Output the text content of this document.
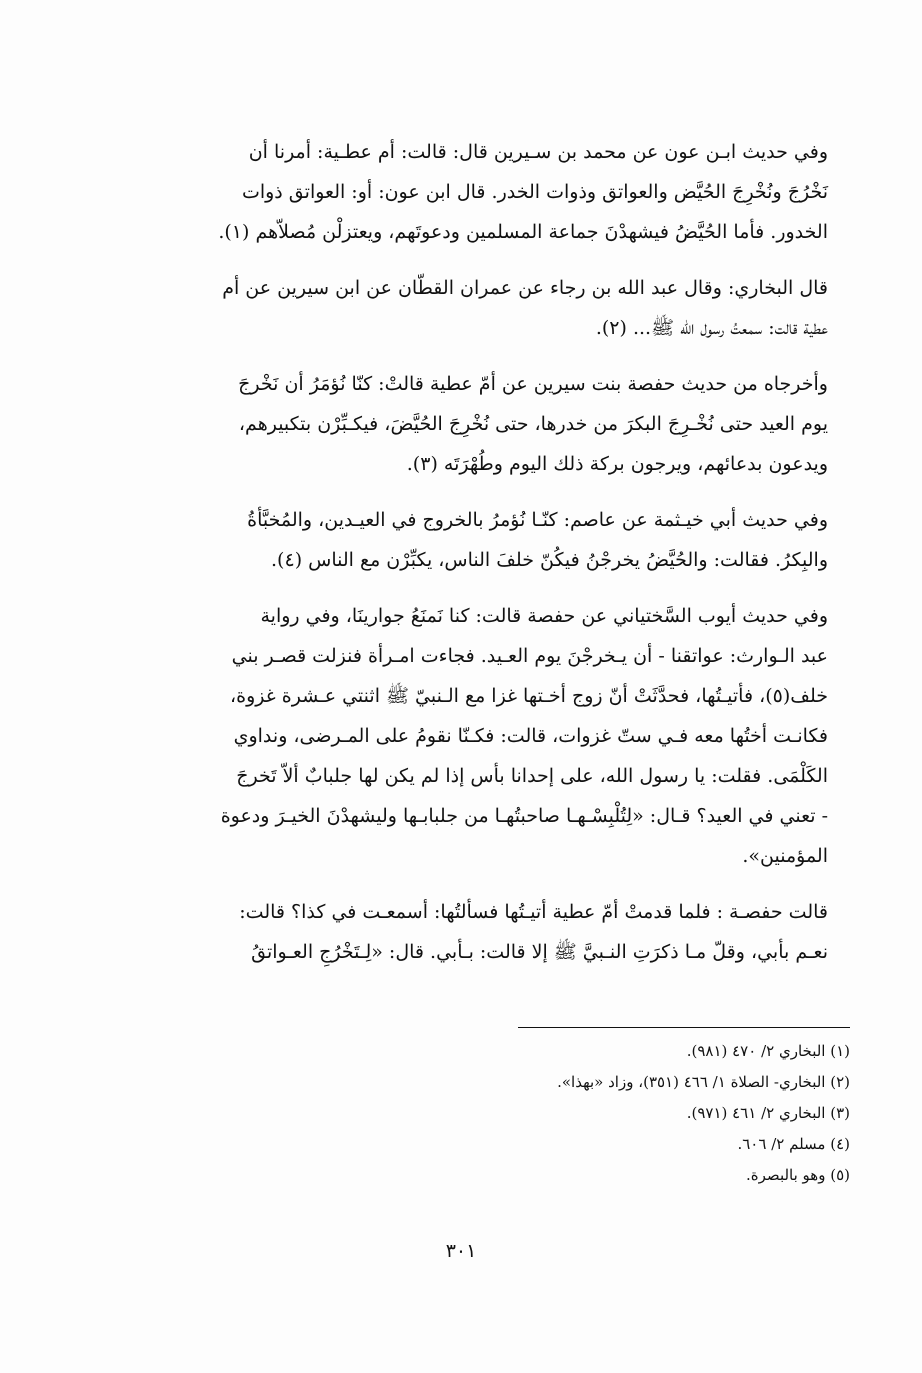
وفي حديث ابـن عون عن محمد بن سـيرين قال: قالت: أم عطـية: أمرنا أن
نَخْرُجَ ونُخْرِجَ الحُيَّض والعواتق وذوات الخدر. قال ابن عون: أو: العواتق ذوات
الخدور. فأما الحُيَّضُ فيشهدْنَ جماعة المسلمين ودعوتَهم، ويعتزلْن مُصلاّهم (١).

قال البخاري: وقال عبد الله بن رجاء عن عمران القطّان عن ابن سيرين عن أم
عطية قالت: سمعتُ رسول الله ﷺ... (٢).

وأخرجاه من حديث حفصة بنت سيرين عن أمّ عطية قالتْ: كنّا نُؤمَرُ أن نَخْرجَ
يوم العيد حتى نُخْـرِجَ البكرَ من خدرها، حتى نُخْرِجَ الحُيَّضَ، فيكـبِّرْن بتكبيرهم،
ويدعون بدعائهم، ويرجون بركة ذلك اليوم وطُهْرَتَه (٣).

وفي حديث أبي خيـثمة عن عاصم: كنّـا نُؤمرُ بالخروج في العيـدين، والمُخبَّأةُ
والبِكرُ. فقالت: والحُيَّضُ يخرجْنُ فيكُنّ خلفَ الناس، يكبِّرْن مع الناس (٤).

وفي حديث أيوب السَّختياني عن حفصة قالت: كنا نَمنَعُ جوارينَا، وفي رواية
عبد الـوارث: عواتقنا - أن يـخرجْنَ يوم العـيد. فجاءت امـرأة فنزلت قصـر بني
خلف(٥)، فأتيـتُها، فحدَّثَتْ أنّ زوج أخـتها غزا مع الـنبيّ ﷺ اثنتي عـشرة غزوة،
فكانـت أختُها معه فـي ستّ غزوات، قالت: فكـنّا نقومُ على المـرضى، ونداوي
الكَلْمَى. فقلت: يا رسول الله، على إحدانا بأس إذا لم يكن لها جلبابٌ ألاّ تَخرجَ
- تعني في العيد؟ قـال: «لِتُلْبِسْـهـا صاحبتُهـا من جلبابـها وليشهدْنَ الخيـرَ ودعوة
المؤمنين».

قالت حفصـة : فلما قدمتْ أمّ عطية أتيـتُها فسألتُها: أسمعـت في كذا؟ قالت:
نعـم بأبي، وقلّ مـا ذكرَتِ النـبيَّ ﷺ إلا قالت: بـأبي. قال: «لِـتَخْرُجِ العـواتقُ

(١) البخاري ٢/ ٤٧٠ (٩٨١).
(٢) البخاري- الصلاة ١/ ٤٦٦ (٣٥١)، وزاد «بهذا».
(٣) البخاري ٢/ ٤٦١ (٩٧١).
(٤) مسلم ٢/ ٦٠٦.
(٥) وهو بالبصرة.
٣٠١
